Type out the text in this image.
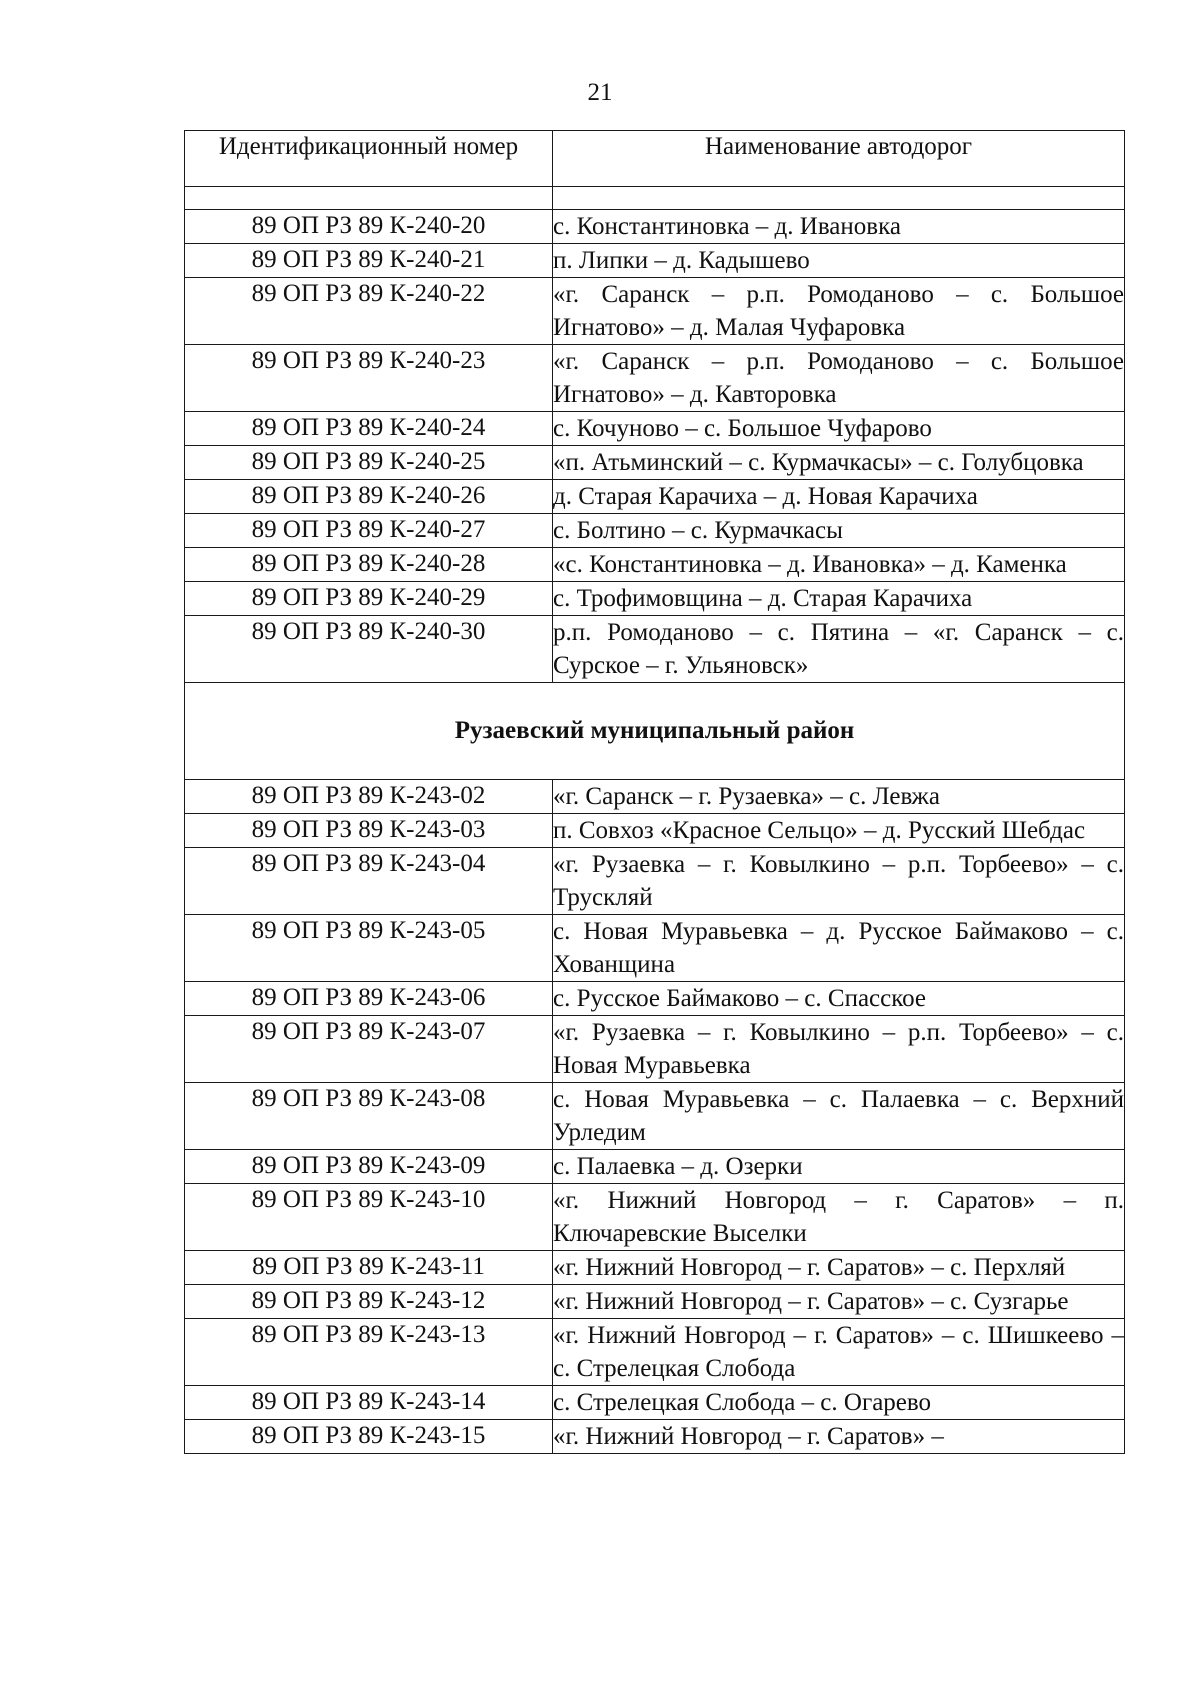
21
Идентификационный номер	Наименование автодорог

89 ОП РЗ 89 К-240-20	с. Константиновка – д. Ивановка
89 ОП РЗ 89 К-240-21	п. Липки – д. Кадышево
89 ОП РЗ 89 К-240-22	«г. Саранск – р.п. Ромоданово – с. Большое Игнатово» – д. Малая Чуфаровка
89 ОП РЗ 89 К-240-23	«г. Саранск – р.п. Ромоданово – с. Большое Игнатово» – д. Кавторовка
89 ОП РЗ 89 К-240-24	с. Кочуново – с. Большое Чуфарово
89 ОП РЗ 89 К-240-25	«п. Атьминский – с. Курмачкасы» – с. Голубцовка
89 ОП РЗ 89 К-240-26	д. Старая Карачиха – д. Новая Карачиха
89 ОП РЗ 89 К-240-27	с. Болтино – с. Курмачкасы
89 ОП РЗ 89 К-240-28	«с. Константиновка – д. Ивановка» – д. Каменка
89 ОП РЗ 89 К-240-29	с. Трофимовщина – д. Старая Карачиха
89 ОП РЗ 89 К-240-30	р.п. Ромоданово – с. Пятина – «г. Саранск – с. Сурское – г. Ульяновск»
Рузаевский муниципальный район	
89 ОП РЗ 89 К-243-02	«г. Саранск – г. Рузаевка» – с. Левжа
89 ОП РЗ 89 К-243-03	п. Совхоз «Красное Сельцо» – д. Русский Шебдас
89 ОП РЗ 89 К-243-04	«г. Рузаевка – г. Ковылкино – р.п. Торбеево» – с. Трускляй
89 ОП РЗ 89 К-243-05	с. Новая Муравьевка – д. Русское Баймаково – с. Хованщина
89 ОП РЗ 89 К-243-06	с. Русское Баймаково – с. Спасское
89 ОП РЗ 89 К-243-07	«г. Рузаевка – г. Ковылкино – р.п. Торбеево» – с. Новая Муравьевка
89 ОП РЗ 89 К-243-08	с. Новая Муравьевка – с. Палаевка – с. Верхний Урледим
89 ОП РЗ 89 К-243-09	с. Палаевка – д. Озерки
89 ОП РЗ 89 К-243-10	«г. Нижний Новгород – г. Саратов» – п. Ключаревские Выселки
89 ОП РЗ 89 К-243-11	«г. Нижний Новгород – г. Саратов» – с. Перхляй
89 ОП РЗ 89 К-243-12	«г. Нижний Новгород – г. Саратов» – с. Сузгарье
89 ОП РЗ 89 К-243-13	«г. Нижний Новгород – г. Саратов» – с. Шишкеево – с. Стрелецкая Слобода
89 ОП РЗ 89 К-243-14	с. Стрелецкая Слобода – с. Огарево
89 ОП РЗ 89 К-243-15	«г. Нижний Новгород – г. Саратов» –
